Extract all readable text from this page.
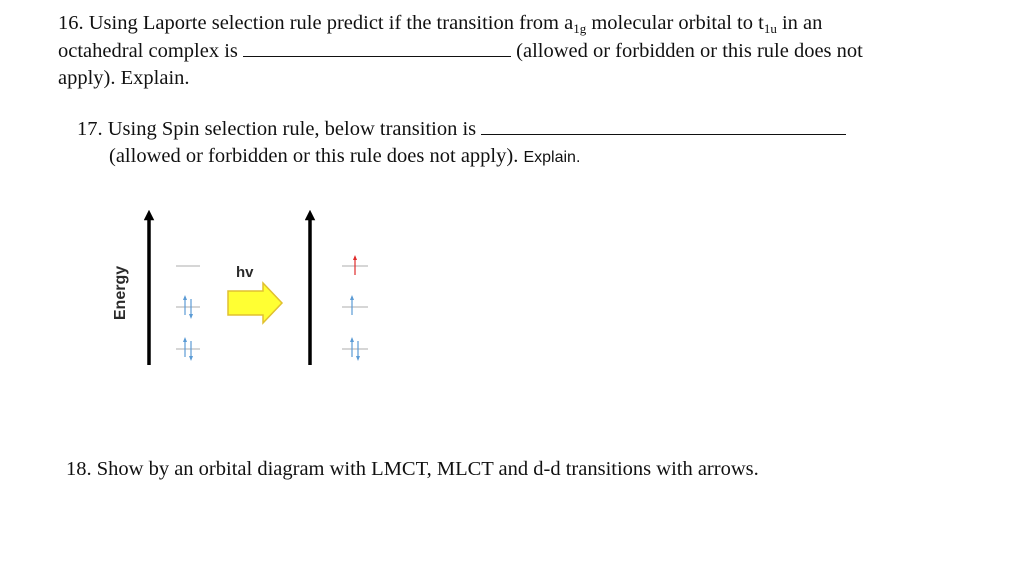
16. Using Laporte selection rule predict if the transition from a1g molecular orbital to t1u in an
octahedral complex is	(allowed or forbidden or this rule does not
apply). Explain.

17. Using Spin selection rule, below transition is
(allowed or forbidden or this rule does not apply). Explain.

Energy	hv

18. Show by an orbital diagram with LMCT, MLCT and d-d transitions with arrows.
